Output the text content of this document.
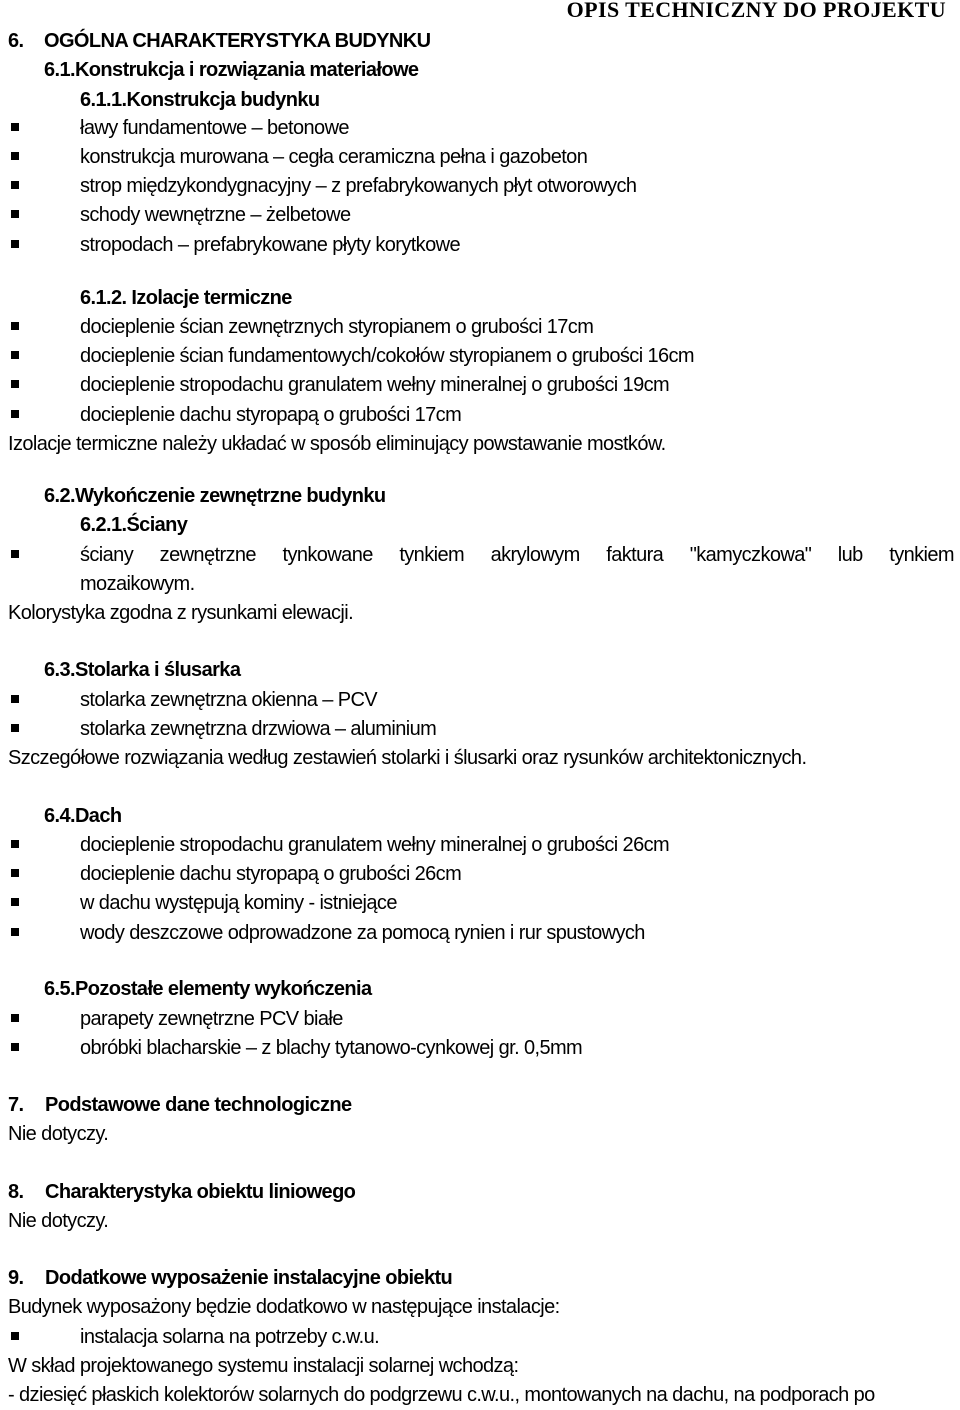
OPIS TECHNICZNY DO PROJEKTU
6. OGÓLNA CHARAKTERYSTYKA BUDYNKU
6.1.Konstrukcja i rozwiązania materiałowe
6.1.1.Konstrukcja budynku
ławy fundamentowe – betonowe
konstrukcja murowana – cegła ceramiczna pełna i gazobeton
strop międzykondygnacyjny – z prefabrykowanych płyt otworowych
schody wewnętrzne – żelbetowe
stropodach – prefabrykowane płyty korytkowe
6.1.2. Izolacje termiczne
docieplenie ścian zewnętrznych styropianem o grubości 17cm
docieplenie ścian fundamentowych/cokołów styropianem o grubości 16cm
docieplenie stropodachu granulatem wełny mineralnej o grubości 19cm
docieplenie dachu styropapą o grubości 17cm
Izolacje termiczne należy układać w sposób eliminujący powstawanie mostków.
6.2.Wykończenie zewnętrzne budynku
6.2.1.Ściany
ściany zewnętrzne tynkowane tynkiem akrylowym faktura "kamyczkowa" lub tynkiem
mozaikowym.
Kolorystyka zgodna z rysunkami elewacji.
6.3.Stolarka i ślusarka
stolarka zewnętrzna okienna – PCV
stolarka zewnętrzna drzwiowa – aluminium
Szczegółowe rozwiązania według zestawień stolarki i ślusarki oraz rysunków architektonicznych.
6.4.Dach
docieplenie stropodachu granulatem wełny mineralnej o grubości 26cm
docieplenie dachu styropapą o grubości 26cm
w dachu występują kominy - istniejące
wody deszczowe odprowadzone za pomocą rynien i rur spustowych
6.5.Pozostałe elementy wykończenia
parapety zewnętrzne PCV białe
obróbki blacharskie – z blachy tytanowo-cynkowej gr. 0,5mm
7. Podstawowe dane technologiczne
Nie dotyczy.
8. Charakterystyka obiektu liniowego
Nie dotyczy.
9. Dodatkowe wyposażenie instalacyjne obiektu
Budynek wyposażony będzie dodatkowo w następujące instalacje:
instalacja solarna na potrzeby c.w.u.
W skład projektowanego systemu instalacji solarnej wchodzą:
- dziesięć płaskich kolektorów solarnych do podgrzewu c.w.u., montowanych na dachu, na podporach po
